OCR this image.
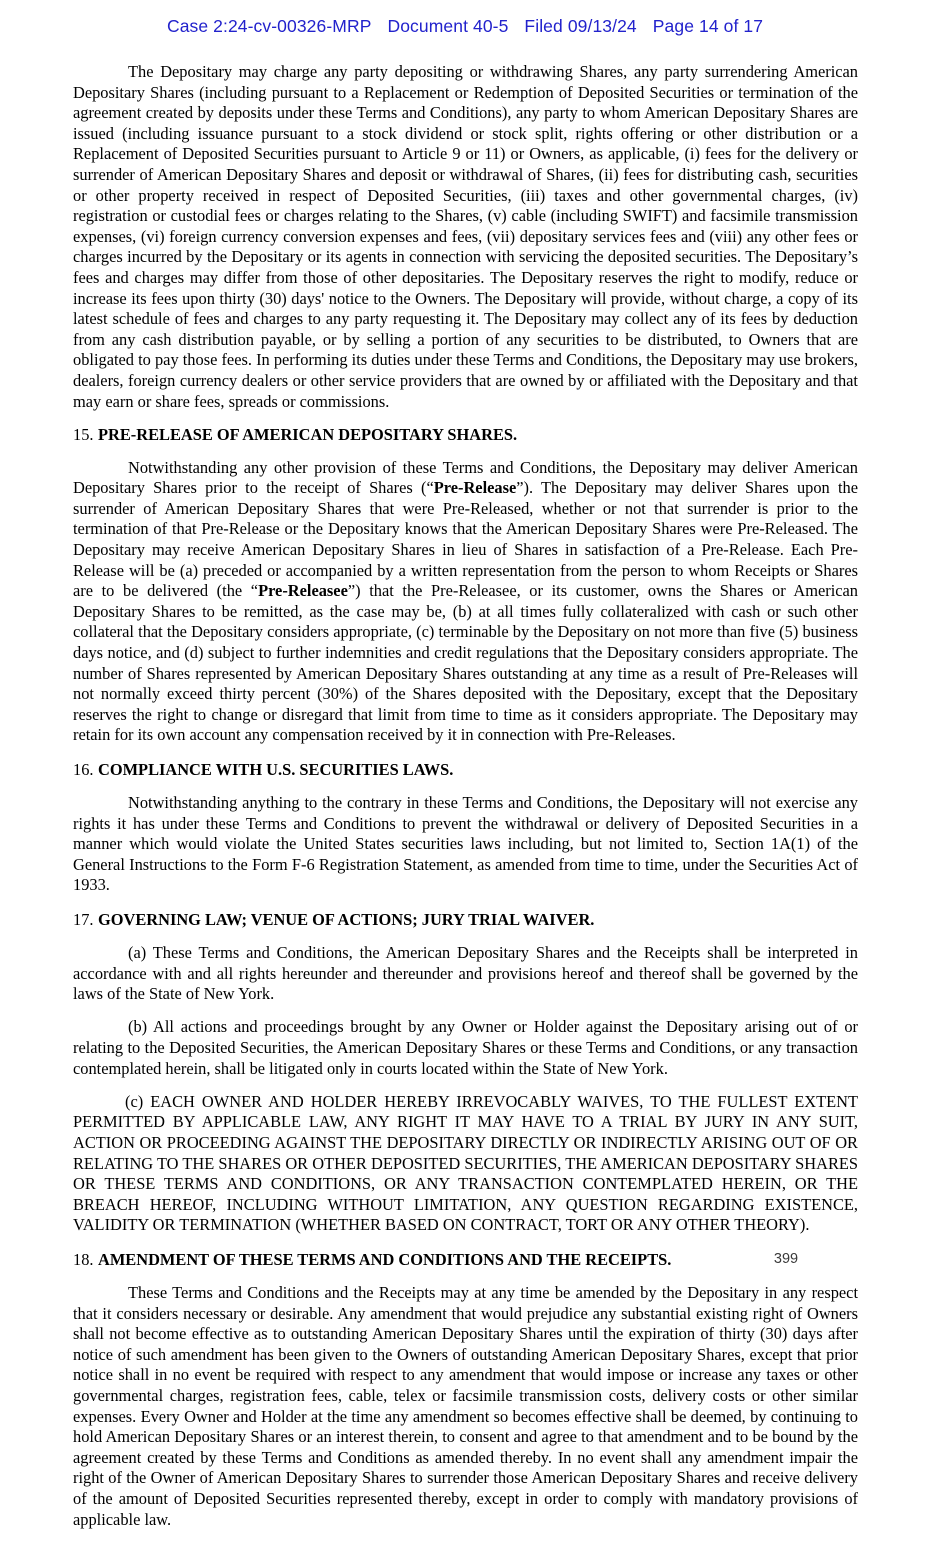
Case 2:24-cv-00326-MRP Document 40-5 Filed 09/13/24 Page 14 of 17

The Depositary may charge any party depositing or withdrawing Shares, any party surrendering American Depositary Shares (including pursuant to a Replacement or Redemption of Deposited Securities or termination of the agreement created by deposits under these Terms and Conditions), any party to whom American Depositary Shares are issued (including issuance pursuant to a stock dividend or stock split, rights offering or other distribution or a Replacement of Deposited Securities pursuant to Article 9 or 11) or Owners, as applicable, (i) fees for the delivery or surrender of American Depositary Shares and deposit or withdrawal of Shares, (ii) fees for distributing cash, securities or other property received in respect of Deposited Securities, (iii) taxes and other governmental charges, (iv) registration or custodial fees or charges relating to the Shares, (v) cable (including SWIFT) and facsimile transmission expenses, (vi) foreign currency conversion expenses and fees, (vii) depositary services fees and (viii) any other fees or charges incurred by the Depositary or its agents in connection with servicing the deposited securities. The Depositary’s fees and charges may differ from those of other depositaries. The Depositary reserves the right to modify, reduce or increase its fees upon thirty (30) days' notice to the Owners. The Depositary will provide, without charge, a copy of its latest schedule of fees and charges to any party requesting it. The Depositary may collect any of its fees by deduction from any cash distribution payable, or by selling a portion of any securities to be distributed, to Owners that are obligated to pay those fees. In performing its duties under these Terms and Conditions, the Depositary may use brokers, dealers, foreign currency dealers or other service providers that are owned by or affiliated with the Depositary and that may earn or share fees, spreads or commissions.

15. PRE-RELEASE OF AMERICAN DEPOSITARY SHARES.

Notwithstanding any other provision of these Terms and Conditions, the Depositary may deliver American Depositary Shares prior to the receipt of Shares (“Pre-Release”). The Depositary may deliver Shares upon the surrender of American Depositary Shares that were Pre-Released, whether or not that surrender is prior to the termination of that Pre-Release or the Depositary knows that the American Depositary Shares were Pre-Released. The Depositary may receive American Depositary Shares in lieu of Shares in satisfaction of a Pre-Release. Each Pre-Release will be (a) preceded or accompanied by a written representation from the person to whom Receipts or Shares are to be delivered (the “Pre-Releasee”) that the Pre-Releasee, or its customer, owns the Shares or American Depositary Shares to be remitted, as the case may be, (b) at all times fully collateralized with cash or such other collateral that the Depositary considers appropriate, (c) terminable by the Depositary on not more than five (5) business days notice, and (d) subject to further indemnities and credit regulations that the Depositary considers appropriate. The number of Shares represented by American Depositary Shares outstanding at any time as a result of Pre-Releases will not normally exceed thirty percent (30%) of the Shares deposited with the Depositary, except that the Depositary reserves the right to change or disregard that limit from time to time as it considers appropriate. The Depositary may retain for its own account any compensation received by it in connection with Pre-Releases.

16. COMPLIANCE WITH U.S. SECURITIES LAWS.

Notwithstanding anything to the contrary in these Terms and Conditions, the Depositary will not exercise any rights it has under these Terms and Conditions to prevent the withdrawal or delivery of Deposited Securities in a manner which would violate the United States securities laws including, but not limited to, Section 1A(1) of the General Instructions to the Form F-6 Registration Statement, as amended from time to time, under the Securities Act of 1933.

17. GOVERNING LAW; VENUE OF ACTIONS; JURY TRIAL WAIVER.

(a) These Terms and Conditions, the American Depositary Shares and the Receipts shall be interpreted in accordance with and all rights hereunder and thereunder and provisions hereof and thereof shall be governed by the laws of the State of New York.

(b) All actions and proceedings brought by any Owner or Holder against the Depositary arising out of or relating to the Deposited Securities, the American Depositary Shares or these Terms and Conditions, or any transaction contemplated herein, shall be litigated only in courts located within the State of New York.

(c) EACH OWNER AND HOLDER HEREBY IRREVOCABLY WAIVES, TO THE FULLEST EXTENT PERMITTED BY APPLICABLE LAW, ANY RIGHT IT MAY HAVE TO A TRIAL BY JURY IN ANY SUIT, ACTION OR PROCEEDING AGAINST THE DEPOSITARY DIRECTLY OR INDIRECTLY ARISING OUT OF OR RELATING TO THE SHARES OR OTHER DEPOSITED SECURITIES, THE AMERICAN DEPOSITARY SHARES OR THESE TERMS AND CONDITIONS, OR ANY TRANSACTION CONTEMPLATED HEREIN, OR THE BREACH HEREOF, INCLUDING WITHOUT LIMITATION, ANY QUESTION REGARDING EXISTENCE, VALIDITY OR TERMINATION (WHETHER BASED ON CONTRACT, TORT OR ANY OTHER THEORY).

18. AMENDMENT OF THESE TERMS AND CONDITIONS AND THE RECEIPTS.

These Terms and Conditions and the Receipts may at any time be amended by the Depositary in any respect that it considers necessary or desirable. Any amendment that would prejudice any substantial existing right of Owners shall not become effective as to outstanding American Depositary Shares until the expiration of thirty (30) days after notice of such amendment has been given to the Owners of outstanding American Depositary Shares, except that prior notice shall in no event be required with respect to any amendment that would impose or increase any taxes or other governmental charges, registration fees, cable, telex or facsimile transmission costs, delivery costs or other similar expenses. Every Owner and Holder at the time any amendment so becomes effective shall be deemed, by continuing to hold American Depositary Shares or an interest therein, to consent and agree to that amendment and to be bound by the agreement created by these Terms and Conditions as amended thereby. In no event shall any amendment impair the right of the Owner of American Depositary Shares to surrender those American Depositary Shares and receive delivery of the amount of Deposited Securities represented thereby, except in order to comply with mandatory provisions of applicable law.

399
